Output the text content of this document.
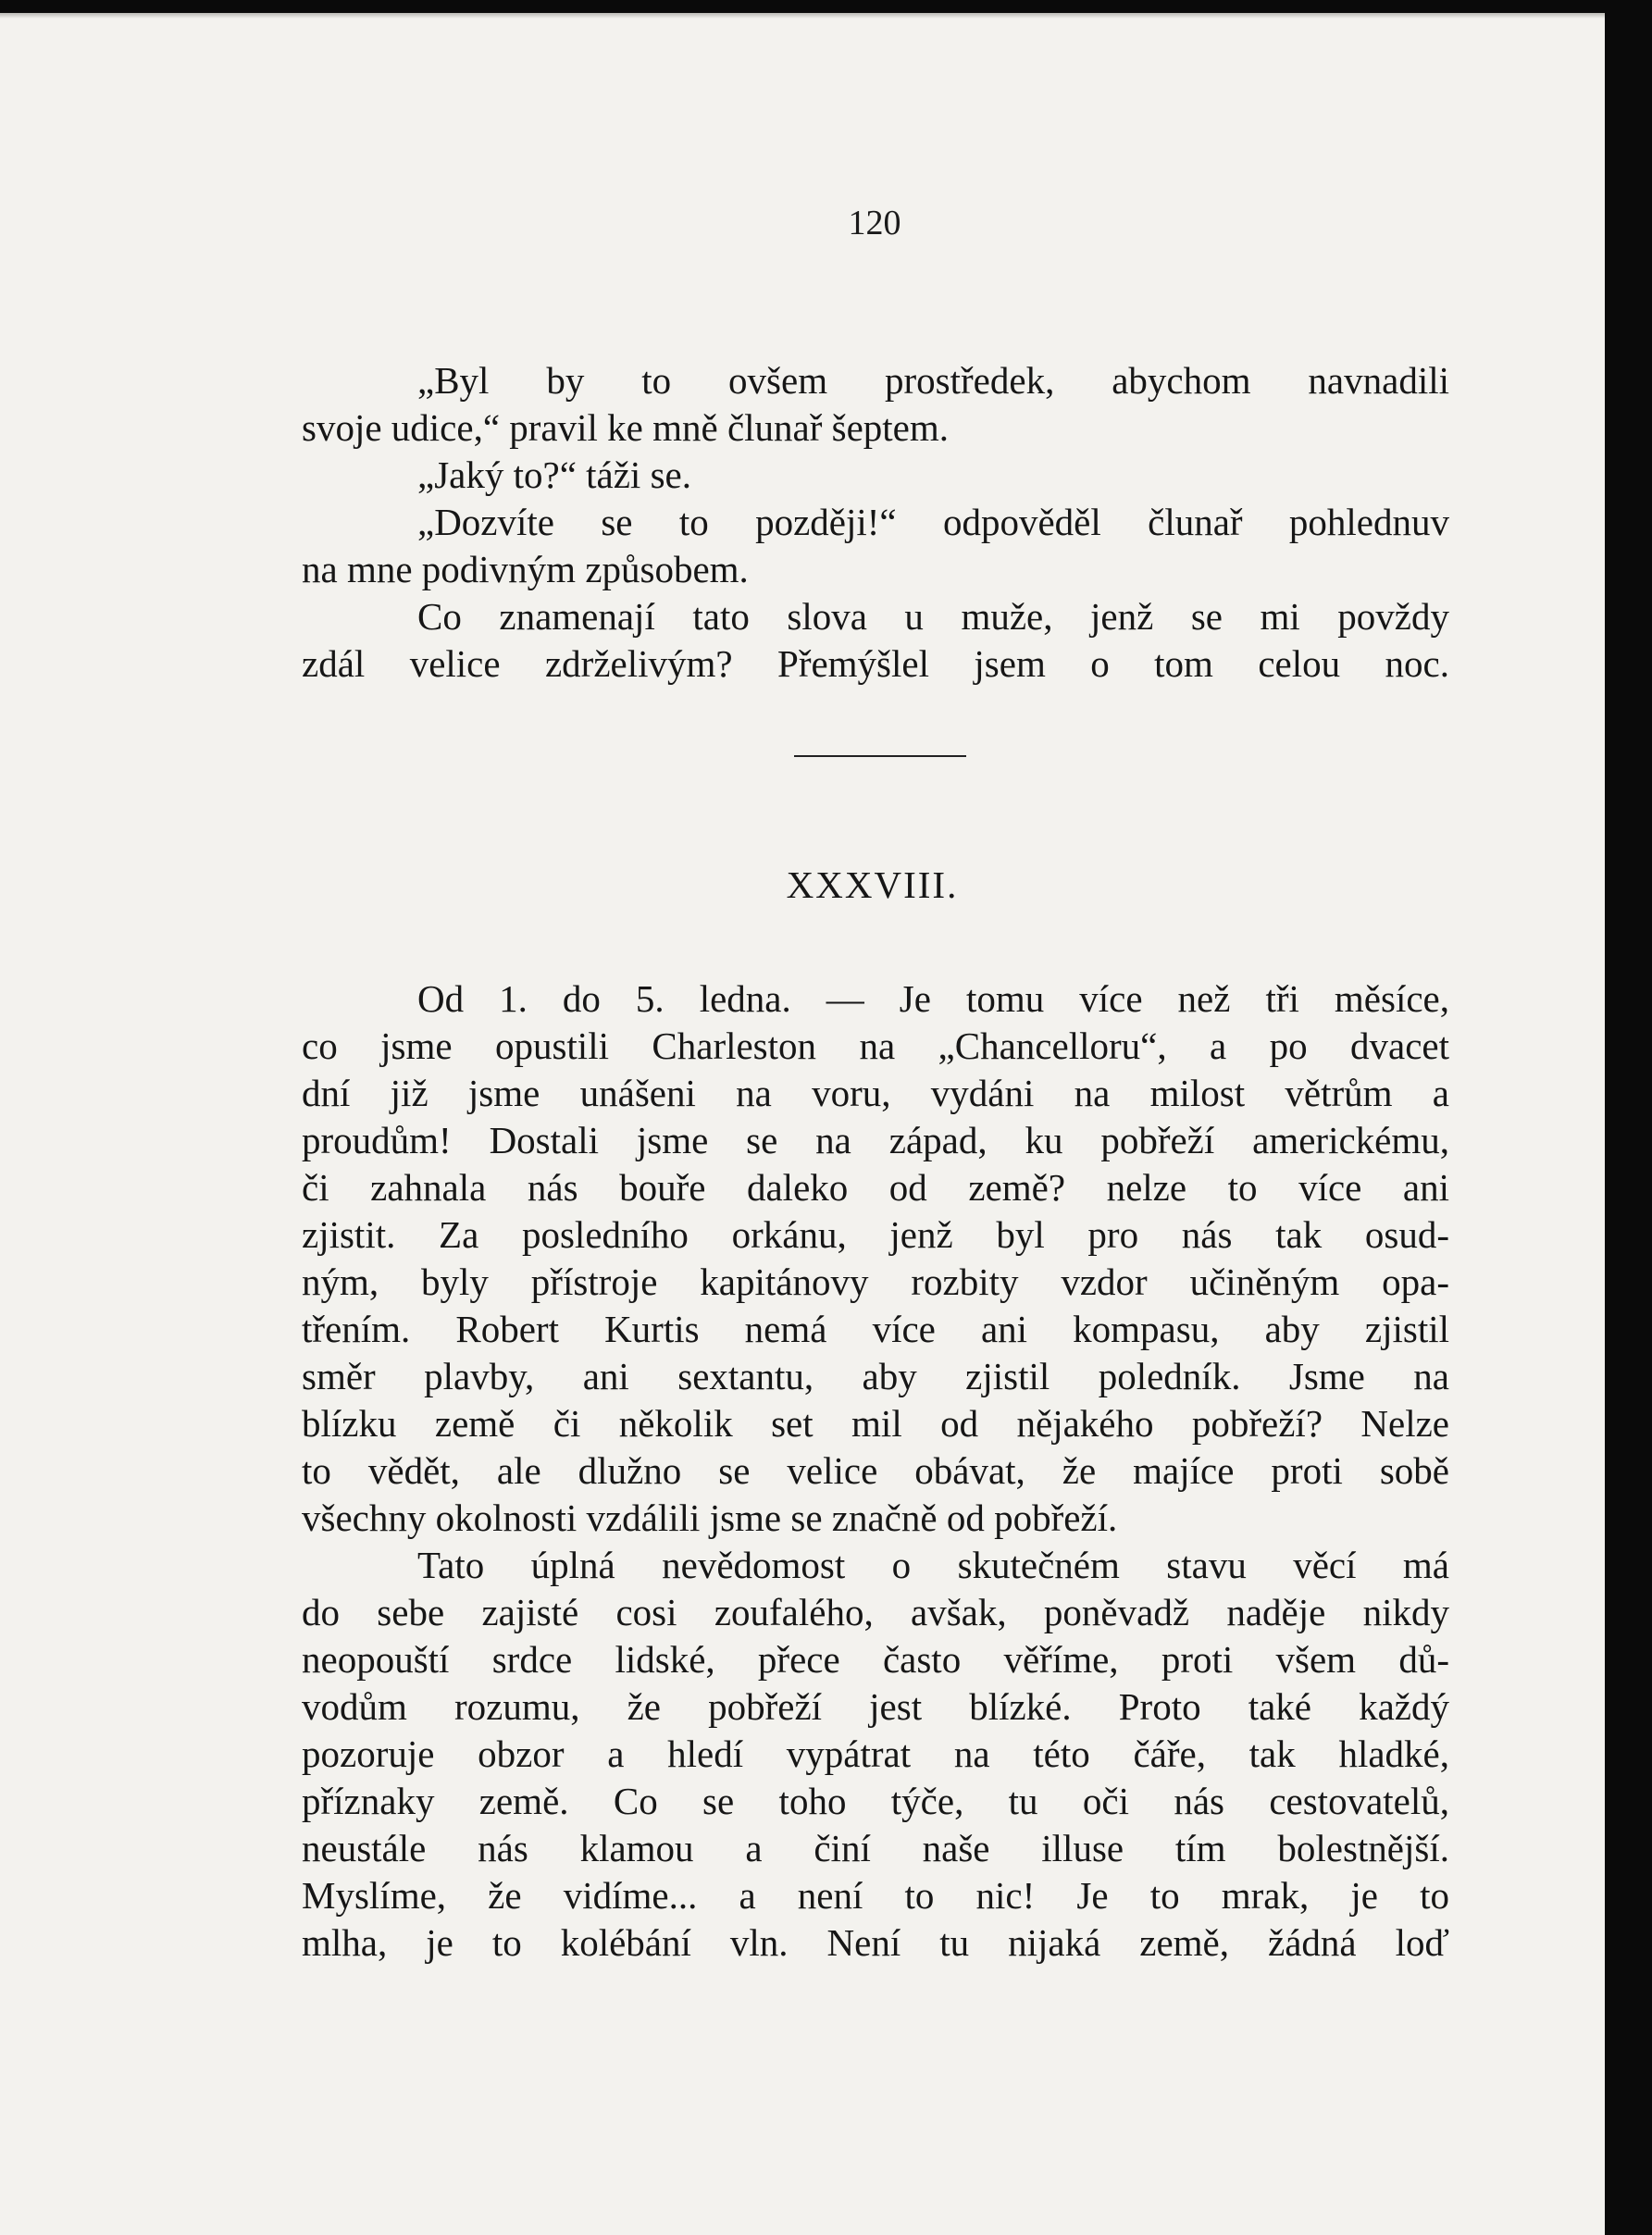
120
„Byl by to ovšem prostředek, abychom navnadili
svoje udice,“ pravil ke mně člunař šeptem.
„Jaký to?“ táži se.
„Dozvíte se to později!“ odpověděl člunař pohlednuv
na mne podivným způsobem.
Co znamenají tato slova u muže, jenž se mi povždy
zdál velice zdrželivým? Přemýšlel jsem o tom celou noc.
XXXVIII.
Od 1. do 5. ledna. — Je tomu více než tři měsíce,
co jsme opustili Charleston na „Chancelloru“, a po dvacet
dní již jsme unášeni na voru, vydáni na milost větrům a
proudům! Dostali jsme se na západ, ku pobřeží americkému,
či zahnala nás bouře daleko od země? nelze to více ani
zjistit. Za posledního orkánu, jenž byl pro nás tak osud-
ným, byly přístroje kapitánovy rozbity vzdor učiněným opa-
třením. Robert Kurtis nemá více ani kompasu, aby zjistil
směr plavby, ani sextantu, aby zjistil poledník. Jsme na
blízku země či několik set mil od nějakého pobřeží? Nelze
to vědět, ale dlužno se velice obávat, že majíce proti sobě
všechny okolnosti vzdálili jsme se značně od pobřeží.
Tato úplná nevědomost o skutečném stavu věcí má
do sebe zajisté cosi zoufalého, avšak, poněvadž naděje nikdy
neopouští srdce lidské, přece často věříme, proti všem dů-
vodům rozumu, že pobřeží jest blízké. Proto také každý
pozoruje obzor a hledí vypátrat na této čáře, tak hladké,
příznaky země. Co se toho týče, tu oči nás cestovatelů,
neustále nás klamou a činí naše illuse tím bolestnější.
Myslíme, že vidíme... a není to nic! Je to mrak, je to
mlha, je to kolébání vln. Není tu nijaká země, žádná loď
